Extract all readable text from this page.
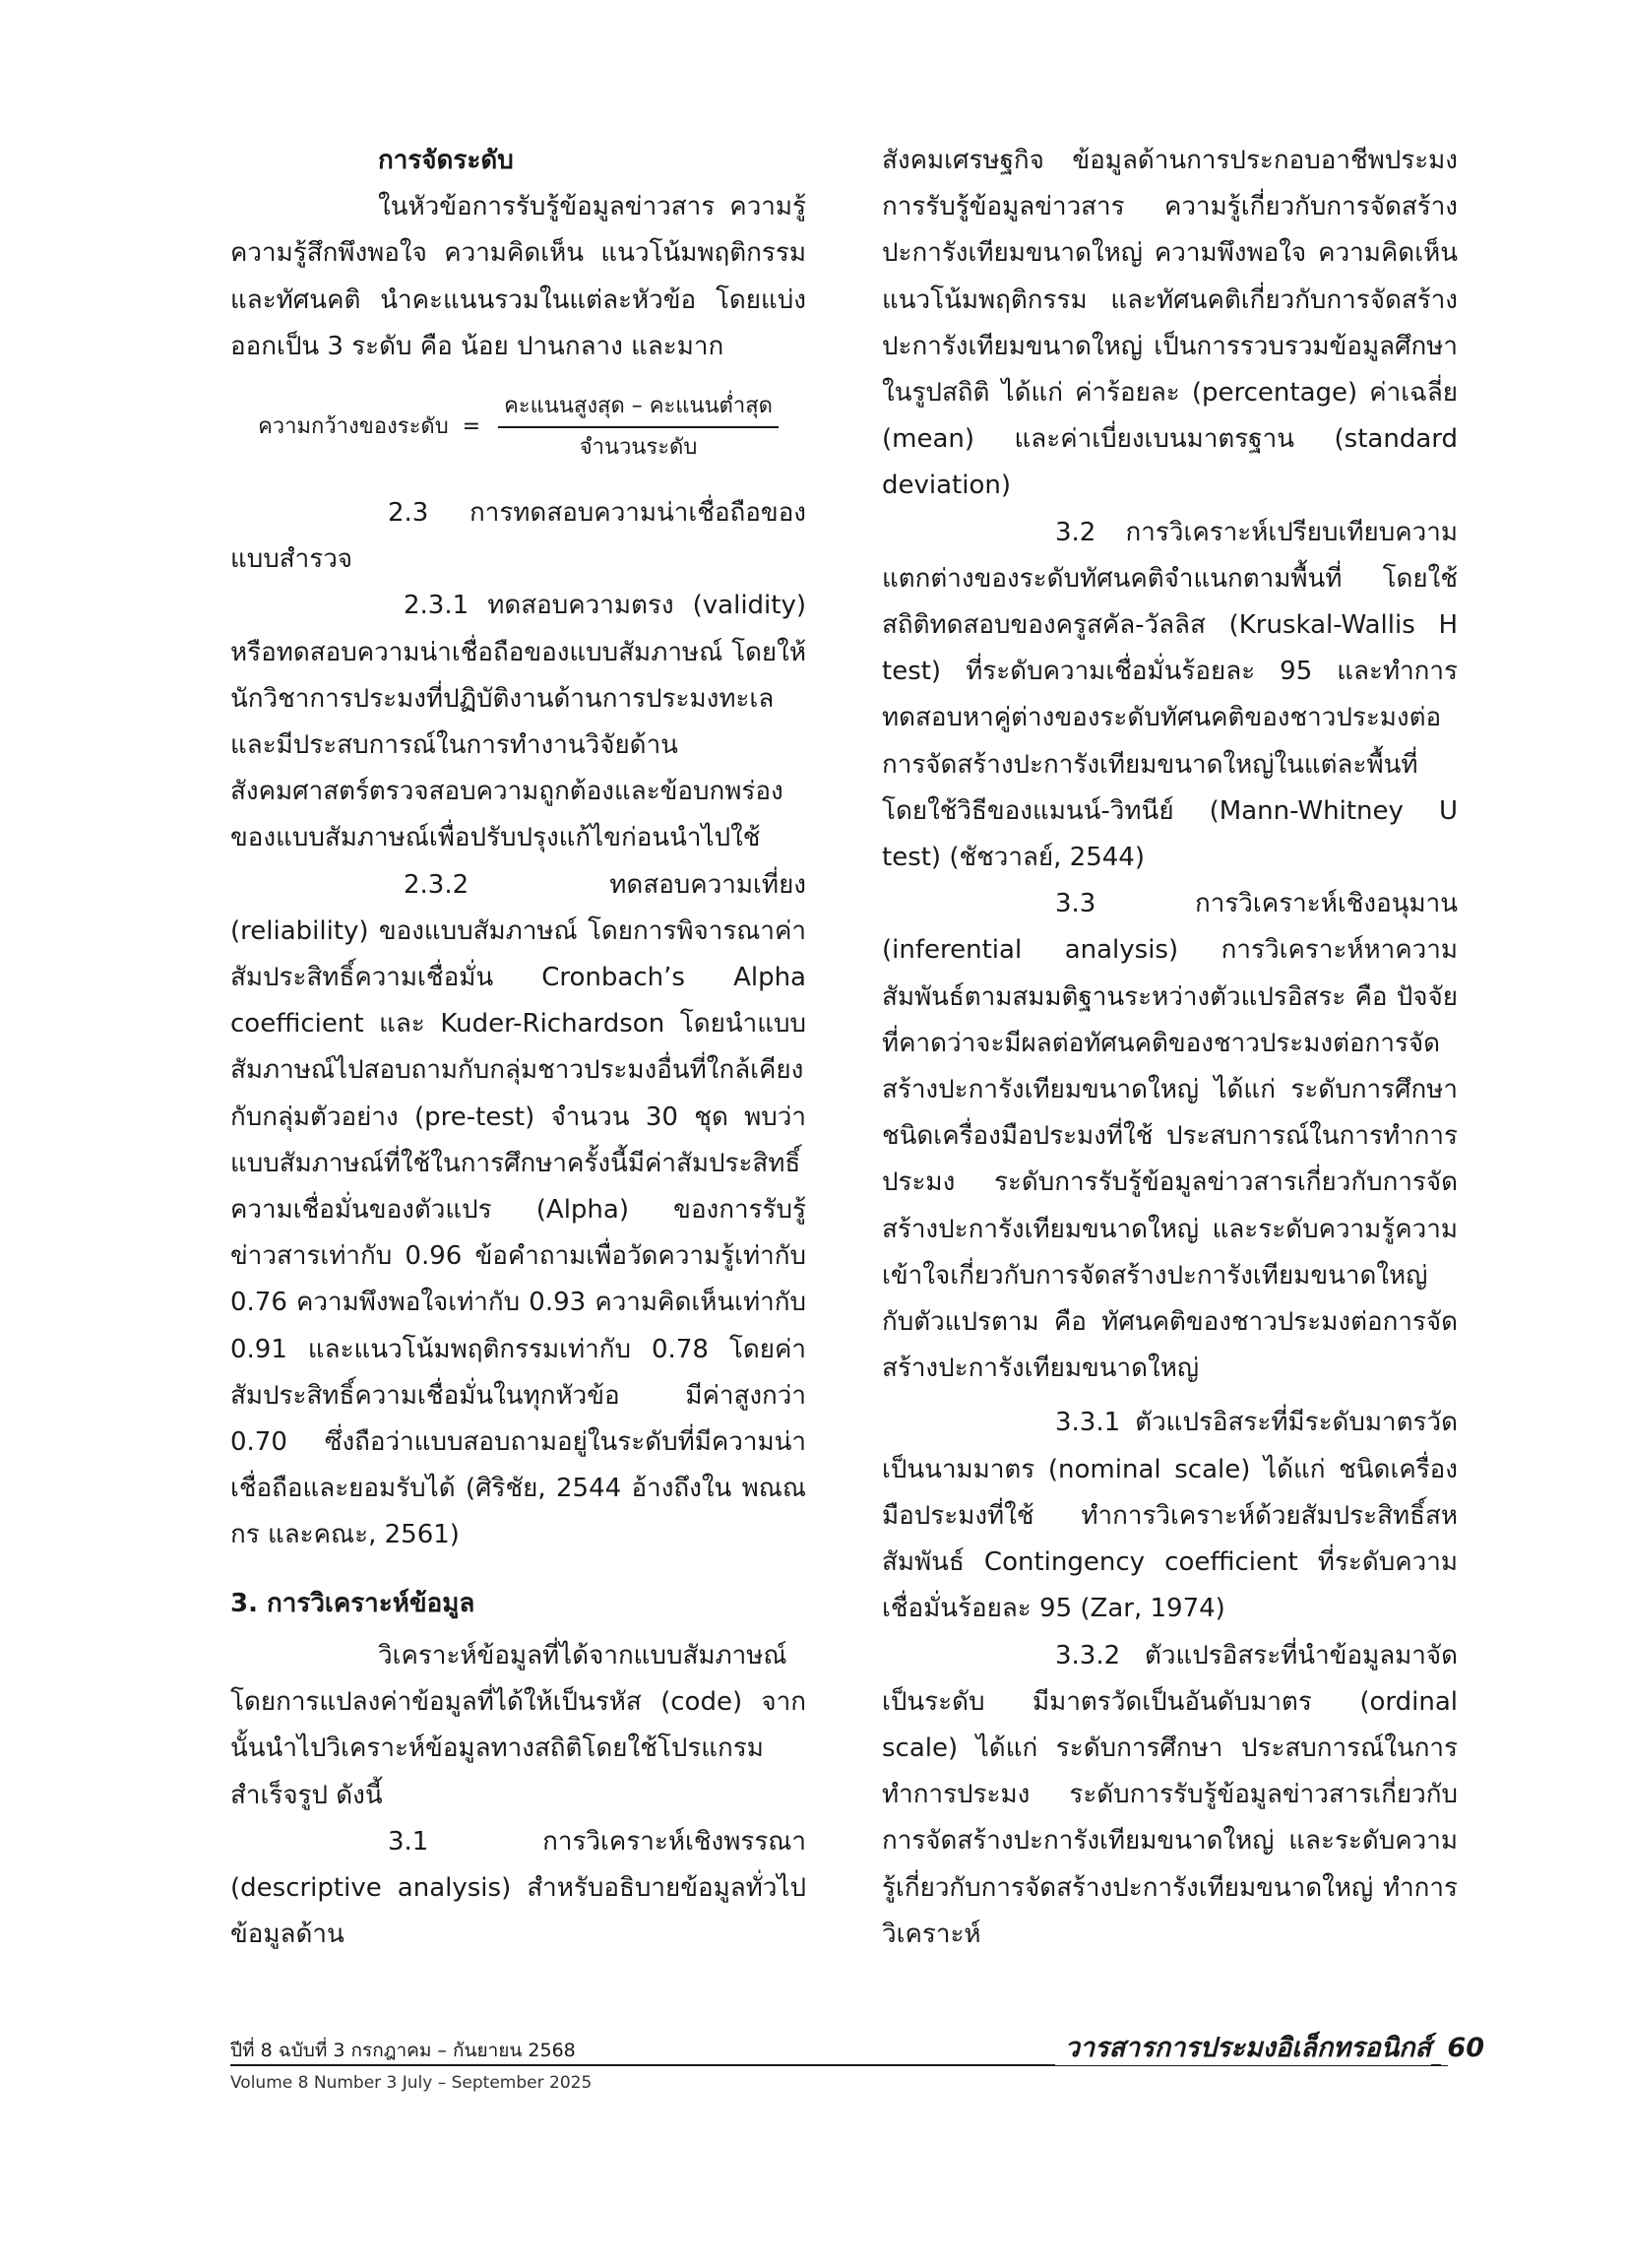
การจัดระดับ

ในหัวข้อการรับรู้ข้อมูลข่าวสาร ความรู้ ความรู้สึกพึงพอใจ ความคิดเห็น แนวโน้มพฤติกรรม และทัศนคติ นำคะแนนรวมในแต่ละหัวข้อ โดยแบ่งออกเป็น 3 ระดับ คือ น้อย ปานกลาง และมาก

ความกว้างของระดับ = $\frac{\text{คะแนนสูงสุด – คะแนนต่ำสุด}}{\text{จำนวนระดับ}}$

2.3 การทดสอบความน่าเชื่อถือของแบบสำรวจ

2.3.1 ทดสอบความตรง (validity) หรือทดสอบความน่าเชื่อถือของแบบสัมภาษณ์ โดยให้นักวิชาการประมงที่ปฏิบัติงานด้านการประมงทะเล และมีประสบการณ์ในการทำงานวิจัยด้านสังคมศาสตร์ตรวจสอบความถูกต้องและข้อบกพร่องของแบบสัมภาษณ์เพื่อปรับปรุงแก้ไขก่อนนำไปใช้

2.3.2 ทดสอบความเที่ยง (reliability) ของแบบสัมภาษณ์ โดยการพิจารณาค่าสัมประสิทธิ์ความเชื่อมั่น Cronbach’s Alpha coefficient และ Kuder-Richardson โดยนำแบบสัมภาษณ์ไปสอบถามกับกลุ่มชาวประมงอื่นที่ใกล้เคียงกับกลุ่มตัวอย่าง (pre-test) จำนวน 30 ชุด พบว่าแบบสัมภาษณ์ที่ใช้ในการศึกษาครั้งนี้มีค่าสัมประสิทธิ์ความเชื่อมั่นของตัวแปร (Alpha) ของการรับรู้ข่าวสารเท่ากับ 0.96 ข้อคำถามเพื่อวัดความรู้เท่ากับ 0.76 ความพึงพอใจเท่ากับ 0.93 ความคิดเห็นเท่ากับ 0.91 และแนวโน้มพฤติกรรมเท่ากับ 0.78 โดยค่าสัมประสิทธิ์ความเชื่อมั่นในทุกหัวข้อ มีค่าสูงกว่า 0.70 ซึ่งถือว่าแบบสอบถามอยู่ในระดับที่มีความน่าเชื่อถือและยอมรับได้ (ศิริชัย, 2544 อ้างถึงใน พณณกร และคณะ, 2561)

3. การวิเคราะห์ข้อมูล

วิเคราะห์ข้อมูลที่ได้จากแบบสัมภาษณ์ โดยการแปลงค่าข้อมูลที่ได้ให้เป็นรหัส (code) จากนั้นนำไปวิเคราะห์ข้อมูลทางสถิติโดยใช้โปรแกรมสำเร็จรูป ดังนี้

3.1 การวิเคราะห์เชิงพรรณา (descriptive analysis) สำหรับอธิบายข้อมูลทั่วไป ข้อมูลด้าน

สังคมเศรษฐกิจ ข้อมูลด้านการประกอบอาชีพประมง การรับรู้ข้อมูลข่าวสาร ความรู้เกี่ยวกับการจัดสร้างปะการังเทียมขนาดใหญ่ ความพึงพอใจ ความคิดเห็น แนวโน้มพฤติกรรม และทัศนคติเกี่ยวกับการจัดสร้างปะการังเทียมขนาดใหญ่ เป็นการรวบรวมข้อมูลศึกษาในรูปสถิติ ได้แก่ ค่าร้อยละ (percentage) ค่าเฉลี่ย (mean) และค่าเบี่ยงเบนมาตรฐาน (standard deviation)

3.2 การวิเคราะห์เปรียบเทียบความแตกต่างของระดับทัศนคติจำแนกตามพื้นที่ โดยใช้สถิติทดสอบของครูสคัล-วัลลิส (Kruskal-Wallis H test) ที่ระดับความเชื่อมั่นร้อยละ 95 และทำการทดสอบหาคู่ต่างของระดับทัศนคติของชาวประมงต่อการจัดสร้างปะการังเทียมขนาดใหญ่ในแต่ละพื้นที่ โดยใช้วิธีของแมนน์-วิทนีย์ (Mann-Whitney U test) (ชัชวาลย์, 2544)

3.3 การวิเคราะห์เชิงอนุมาน (inferential analysis) การวิเคราะห์หาความสัมพันธ์ตามสมมติฐานระหว่างตัวแปรอิสระ คือ ปัจจัยที่คาดว่าจะมีผลต่อทัศนคติของชาวประมงต่อการจัดสร้างปะการังเทียมขนาดใหญ่ ได้แก่ ระดับการศึกษา ชนิดเครื่องมือประมงที่ใช้ ประสบการณ์ในการทำการประมง ระดับการรับรู้ข้อมูลข่าวสารเกี่ยวกับการจัดสร้างปะการังเทียมขนาดใหญ่ และระดับความรู้ความเข้าใจเกี่ยวกับการจัดสร้างปะการังเทียมขนาดใหญ่ กับตัวแปรตาม คือ ทัศนคติของชาวประมงต่อการจัดสร้างปะการังเทียมขนาดใหญ่

3.3.1 ตัวแปรอิสระที่มีระดับมาตรวัดเป็นนามมาตร (nominal scale) ได้แก่ ชนิดเครื่องมือประมงที่ใช้ ทำการวิเคราะห์ด้วยสัมประสิทธิ์สหสัมพันธ์ Contingency coefficient ที่ระดับความเชื่อมั่นร้อยละ 95 (Zar, 1974)

3.3.2 ตัวแปรอิสระที่นำข้อมูลมาจัดเป็นระดับ มีมาตรวัดเป็นอันดับมาตร (ordinal scale) ได้แก่ ระดับการศึกษา ประสบการณ์ในการทำการประมง ระดับการรับรู้ข้อมูลข่าวสารเกี่ยวกับการจัดสร้างปะการังเทียมขนาดใหญ่ และระดับความรู้เกี่ยวกับการจัดสร้างปะการังเทียมขนาดใหญ่ ทำการวิเคราะห์

ปีที่ 8 ฉบับที่ 3 กรกฎาคม – กันยายน 2568
Volume 8 Number 3 July – September 2025
วารสารการประมงอิเล็กทรอนิกส์ 60
